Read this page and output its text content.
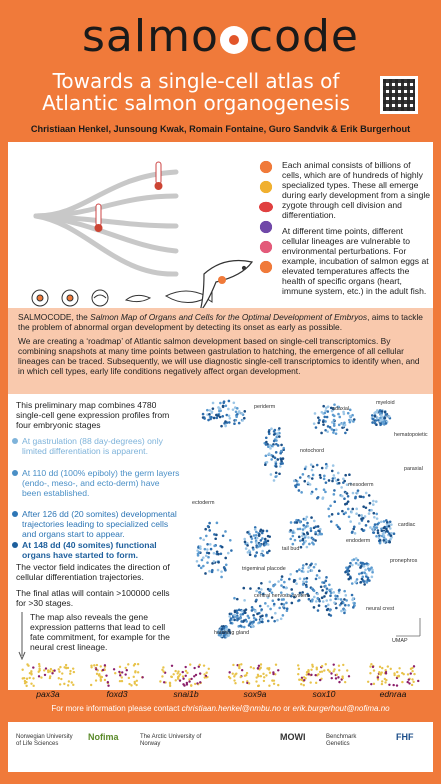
salmo code
Towards a single-cell atlas of Atlantic salmon organogenesis
Christiaan Henkel, Junsoung Kwak, Romain Fontaine, Guro Sandvik & Erik Burgerhout
Each animal consists of billions of cells, which are of hundreds of highly specialized types. These all emerge during early development from a single zygote through cell division and differentiation.
At different time points, different cellular lineages are vulnerable to environmental perturbations. For example, incubation of salmon eggs at elevated temperatures affects the health of specific organs (heart, immune system, etc.) in the adult fish.

SALMOCODE, the Salmon Map of Organs and Cells for the Optimal Development of Embryos, aims to tackle the problem of abnormal organ development by detecting its onset as early as possible.

We are creating a ‘roadmap’ of Atlantic salmon development based on single-cell transcriptomics. By combining snapshots at many time points between gastrulation to hatching, the emergence of all cellular lineages can be traced. Subsequently, we will use diagnostic single-cell transcriptomics to identify when, and in which cell types, early life conditions negatively affect organ development.

This preliminary map combines 4780 single-cell gene expression profiles from four embryonic stages
At gastrulation (88 day-degrees) only limited differentiation is apparent.
At 110 dd (100% epiboly) the germ layers (endo-, meso-, and ecto-derm) have been established.
After 126 dd (20 somites) developmental trajectories leading to specialized cells and organs start to appear.
At 148 dd (40 somites) functional organs have started to form.
The vector field indicates the direction of cellular differentiation trajectories.
The final atlas will contain >100000 cells for >30 stages.
The map also reveals the gene expression patterns that lead to cell fate commitment, for example for the neural crest lineage.
periderm	adaxial
myeloid
hematopoietic
notochord
paraxial
mesoderm
ectoderm
cardiac
tail bud
endoderm
pronephros
trigeminal placode
central nervous system
neural crest
hatching gland
UMAP
pax3a	foxd3	snai1b	sox9a	sox10	ednraa
For more information please contact christiaan.henkel@nmbu.no or erik.burgerhout@nofima.no
Norwegian University of Life Sciences
Nofima	The Arctic University of Norway
MOWI	Benchmark Genetics
FHF
